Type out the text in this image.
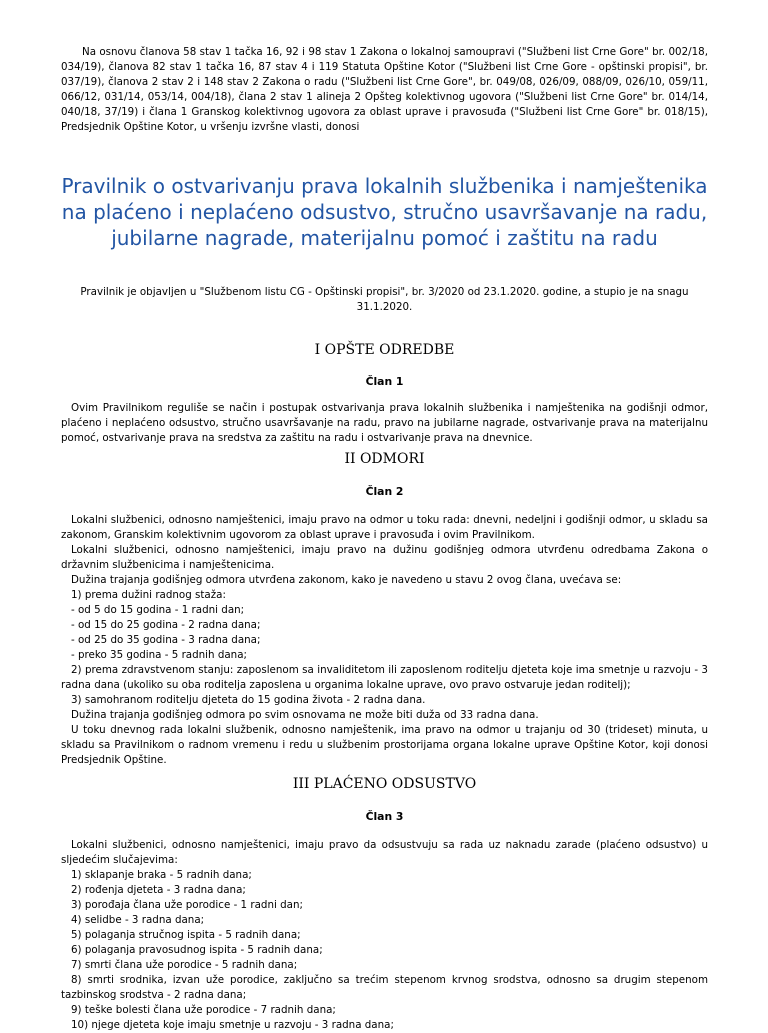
Na osnovu članova 58 stav 1 tačka 16, 92 i 98 stav 1 Zakona o lokalnoj samoupravi ("Službeni list Crne Gore" br. 002/18, 034/19), članova 82 stav 1 tačka 16, 87 stav 4 i 119 Statuta Opštine Kotor ("Službeni list Crne Gore - opštinski propisi", br. 037/19), članova 2 stav 2 i 148 stav 2 Zakona o radu ("Službeni list Crne Gore", br. 049/08, 026/09, 088/09, 026/10, 059/11, 066/12, 031/14, 053/14, 004/18), člana 2 stav 1 alineja 2 Opšteg kolektivnog ugovora ("Službeni list Crne Gore" br. 014/14, 040/18, 37/19) i člana 1 Granskog kolektivnog ugovora za oblast uprave i pravosuđa ("Službeni list Crne Gore" br. 018/15), Predsjednik Opštine Kotor, u vršenju izvršne vlasti, donosi

Pravilnik o ostvarivanju prava lokalnih službenika i namještenika na plaćeno i neplaćeno odsustvo, stručno usavršavanje na radu, jubilarne nagrade, materijalnu pomoć i zaštitu na radu

Pravilnik je objavljen u "Službenom listu CG - Opštinski propisi", br. 3/2020 od 23.1.2020. godine, a stupio je na snagu 31.1.2020.

I OPŠTE ODREDBE
Član 1

Ovim Pravilnikom reguliše se način i postupak ostvarivanja prava lokalnih službenika i namještenika na godišnji odmor, plaćeno i neplaćeno odsustvo, stručno usavršavanje na radu, pravo na jubilarne nagrade, ostvarivanje prava na materijalnu pomoć, ostvarivanje prava na sredstva za zaštitu na radu i ostvarivanje prava na dnevnice.

II ODMORI
Član 2

Lokalni službenici, odnosno namještenici, imaju pravo na odmor u toku rada: dnevni, nedeljni i godišnji odmor, u skladu sa zakonom, Granskim kolektivnim ugovorom za oblast uprave i pravosuđa i ovim Pravilnikom.

Lokalni službenici, odnosno namještenici, imaju pravo na dužinu godišnjeg odmora utvrđenu odredbama Zakona o državnim službenicima i namještenicima.

Dužina trajanja godišnjeg odmora utvrđena zakonom, kako je navedeno u stavu 2 ovog člana, uvećava se:

1) prema dužini radnog staža:

- od 5 do 15 godina - 1 radni dan;

- od 15 do 25 godina - 2 radna dana;

- od 25 do 35 godina - 3 radna dana;

- preko 35 godina - 5 radnih dana;

2) prema zdravstvenom stanju: zaposlenom sa invaliditetom ili zaposlenom roditelju djeteta koje ima smetnje u razvoju - 3 radna dana (ukoliko su oba roditelja zaposlena u organima lokalne uprave, ovo pravo ostvaruje jedan roditelj);

3) samohranom roditelju djeteta do 15 godina života - 2 radna dana.

Dužina trajanja godišnjeg odmora po svim osnovama ne može biti duža od 33 radna dana.

U toku dnevnog rada lokalni službenik, odnosno namještenik, ima pravo na odmor u trajanju od 30 (trideset) minuta, u skladu sa Pravilnikom o radnom vremenu i redu u službenim prostorijama organa lokalne uprave Opštine Kotor, koji donosi Predsjednik Opštine.

III PLAĆENO ODSUSTVO
Član 3

Lokalni službenici, odnosno namještenici, imaju pravo da odsustvuju sa rada uz naknadu zarade (plaćeno odsustvo) u sljedećim slučajevima:

1) sklapanje braka - 5 radnih dana;

2) rođenja djeteta - 3 radna dana;

3) porođaja člana uže porodice - 1 radni dan;

4) selidbe - 3 radna dana;

5) polaganja stručnog ispita - 5 radnih dana;

6) polaganja pravosudnog ispita - 5 radnih dana;

7) smrti člana uže porodice - 5 radnih dana;

8) smrti srodnika, izvan uže porodice, zaključno sa trećim stepenom krvnog srodstva, odnosno sa drugim stepenom tazbinskog srodstva - 2 radna dana;

9) teške bolesti člana uže porodice - 7 radnih dana;

10) njege djeteta koje imaju smetnje u razvoju - 3 radna dana;
